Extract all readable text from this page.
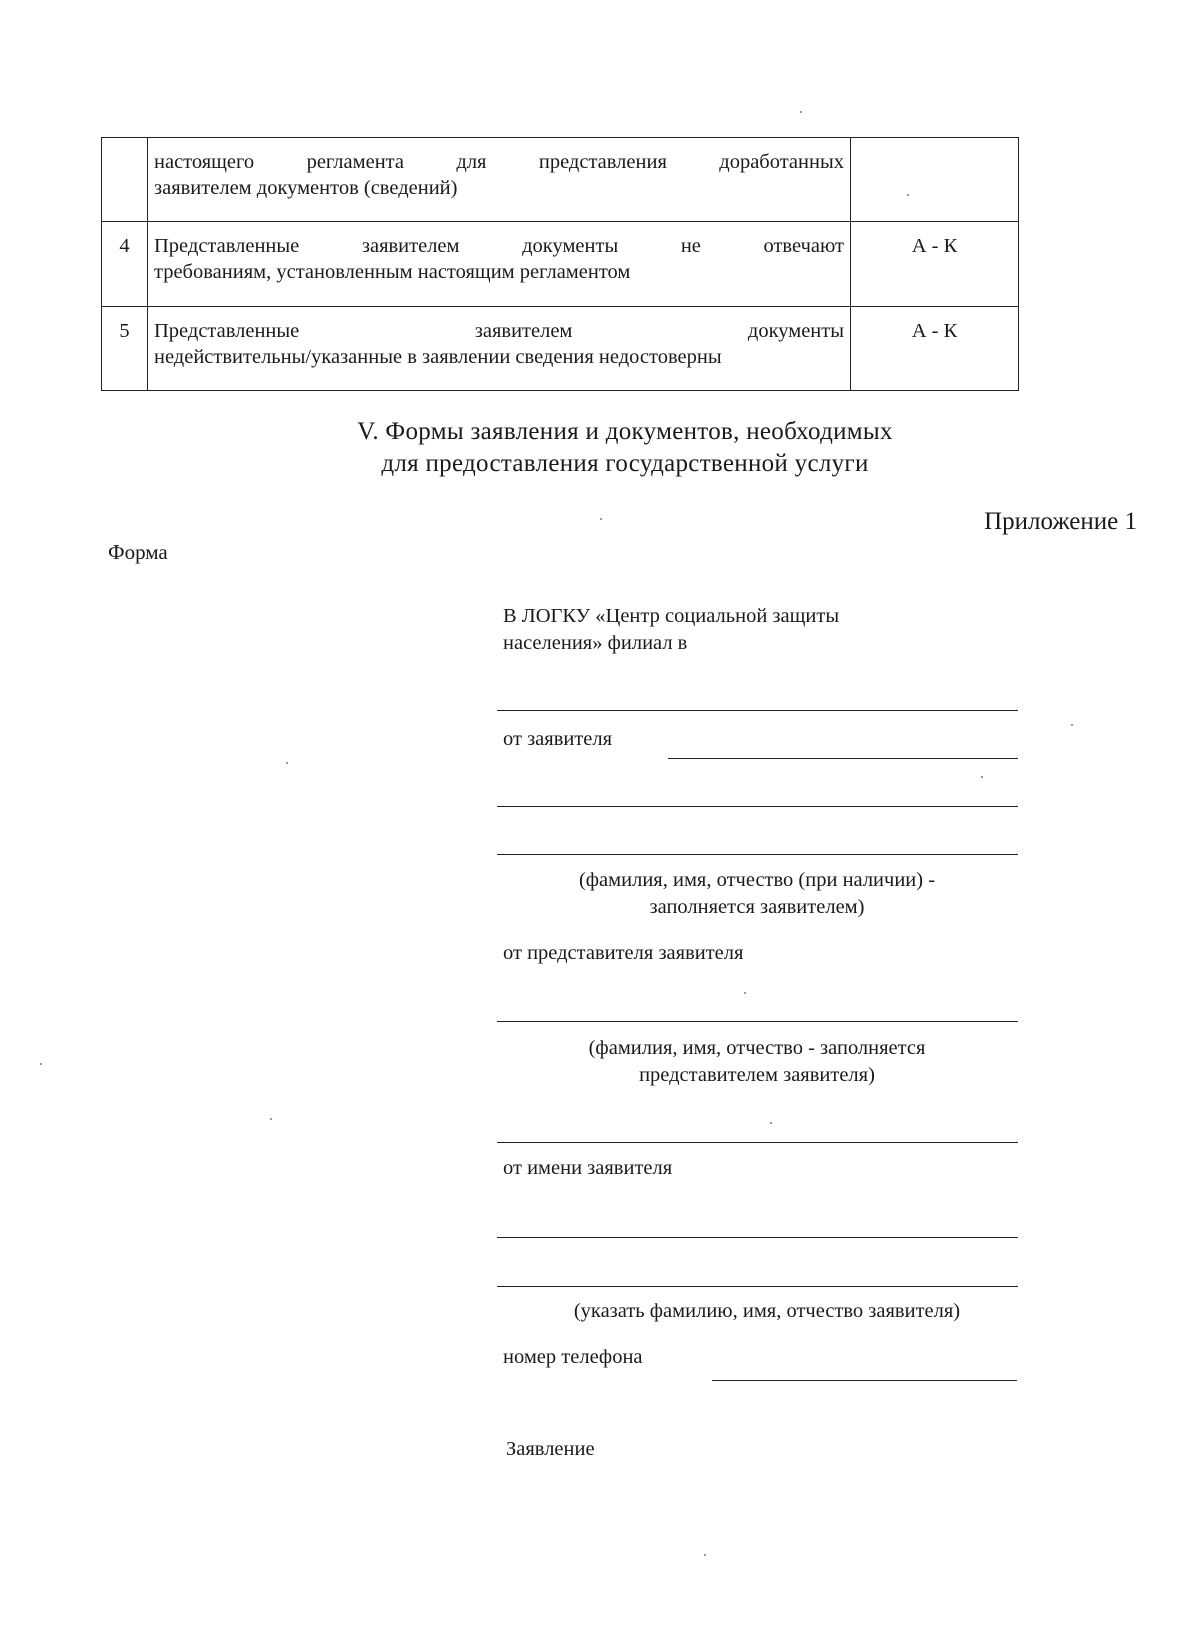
	настоящего регламента для представления доработанных
заявителем документов (сведений)	

4	Представленные заявителем документы не отвечают
требованиям, установленным настоящим регламентом	А - К
5	Представленные заявителем документы
недействительны/указанные в заявлении сведения недостоверны	А - К
V. Формы заявления и документов, необходимых
для предоставления государственной услуги
Приложение 1
Форма
В ЛОГКУ «Центр социальной защиты
населения» филиал в
от заявителя
(фамилия, имя, отчество (при наличии) -
заполняется заявителем)
от представителя заявителя
(фамилия, имя, отчество - заполняется
представителем заявителя)
от имени заявителя
(указать фамилию, имя, отчество заявителя)
номер телефона
Заявление
